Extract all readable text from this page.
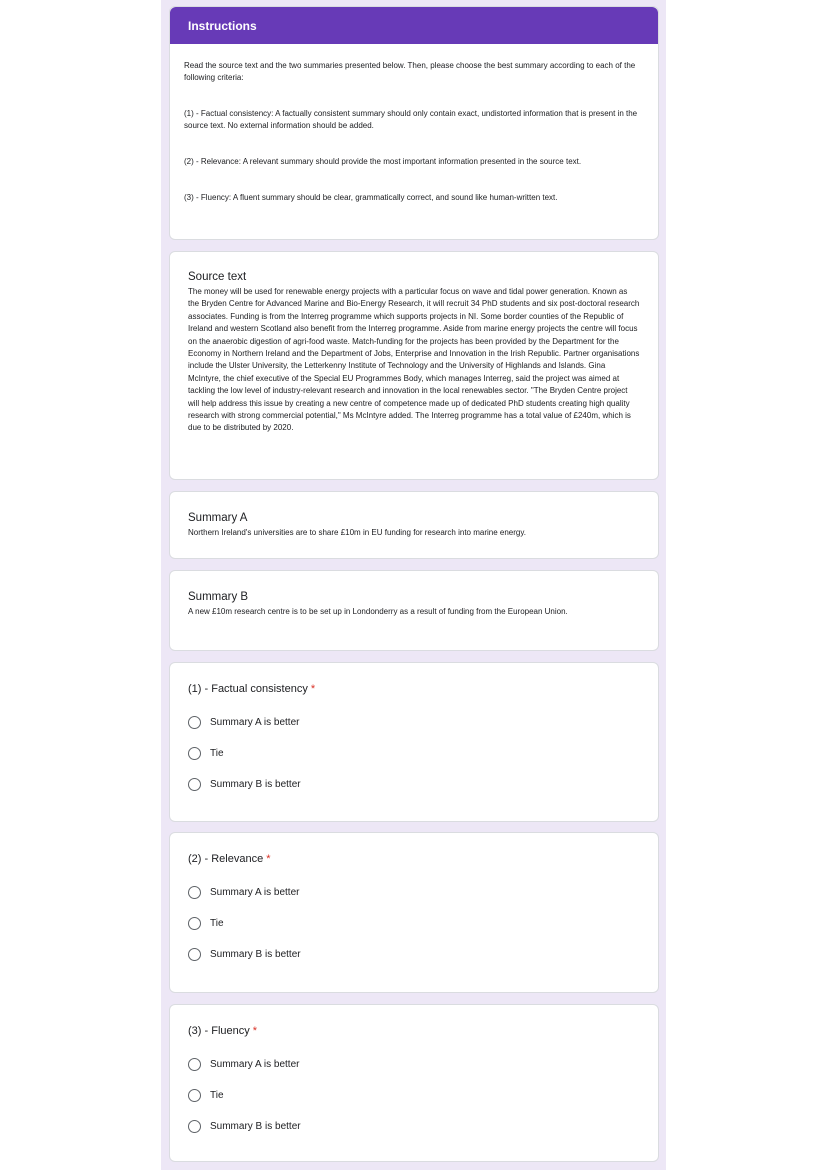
Instructions

Read the source text and the two summaries presented below. Then, please choose the best summary according to each of the following criteria:

(1) - Factual consistency: A factually consistent summary should only contain exact, undistorted information that is present in the source text. No external information should be added.

(2) - Relevance: A relevant summary should provide the most important information presented in the source text.

(3) - Fluency: A fluent summary should be clear, grammatically correct, and sound like human-written text.

Source text

The money will be used for renewable energy projects with a particular focus on wave and tidal power generation. Known as the Bryden Centre for Advanced Marine and Bio-Energy Research, it will recruit 34 PhD students and six post-doctoral research associates. Funding is from the Interreg programme which supports projects in NI. Some border counties of the Republic of Ireland and western Scotland also benefit from the Interreg programme. Aside from marine energy projects the centre will focus on the anaerobic digestion of agri-food waste. Match-funding for the projects has been provided by the Department for the Economy in Northern Ireland and the Department of Jobs, Enterprise and Innovation in the Irish Republic. Partner organisations include the Ulster University, the Letterkenny Institute of Technology and the University of Highlands and Islands. Gina McIntyre, the chief executive of the Special EU Programmes Body, which manages Interreg, said the project was aimed at tackling the low level of industry-relevant research and innovation in the local renewables sector. "The Bryden Centre project will help address this issue by creating a new centre of competence made up of dedicated PhD students creating high quality research with strong commercial potential," Ms McIntyre added. The Interreg programme has a total value of £240m, which is due to be distributed by 2020.

Summary A

Northern Ireland's universities are to share £10m in EU funding for research into marine energy.

Summary B

A new £10m research centre is to be set up in Londonderry as a result of funding from the European Union.

(1) - Factual consistency *
Summary A is better
Tie
Summary B is better
(2) - Relevance *
Summary A is better
Tie
Summary B is better
(3) - Fluency *
Summary A is better
Tie
Summary B is better
